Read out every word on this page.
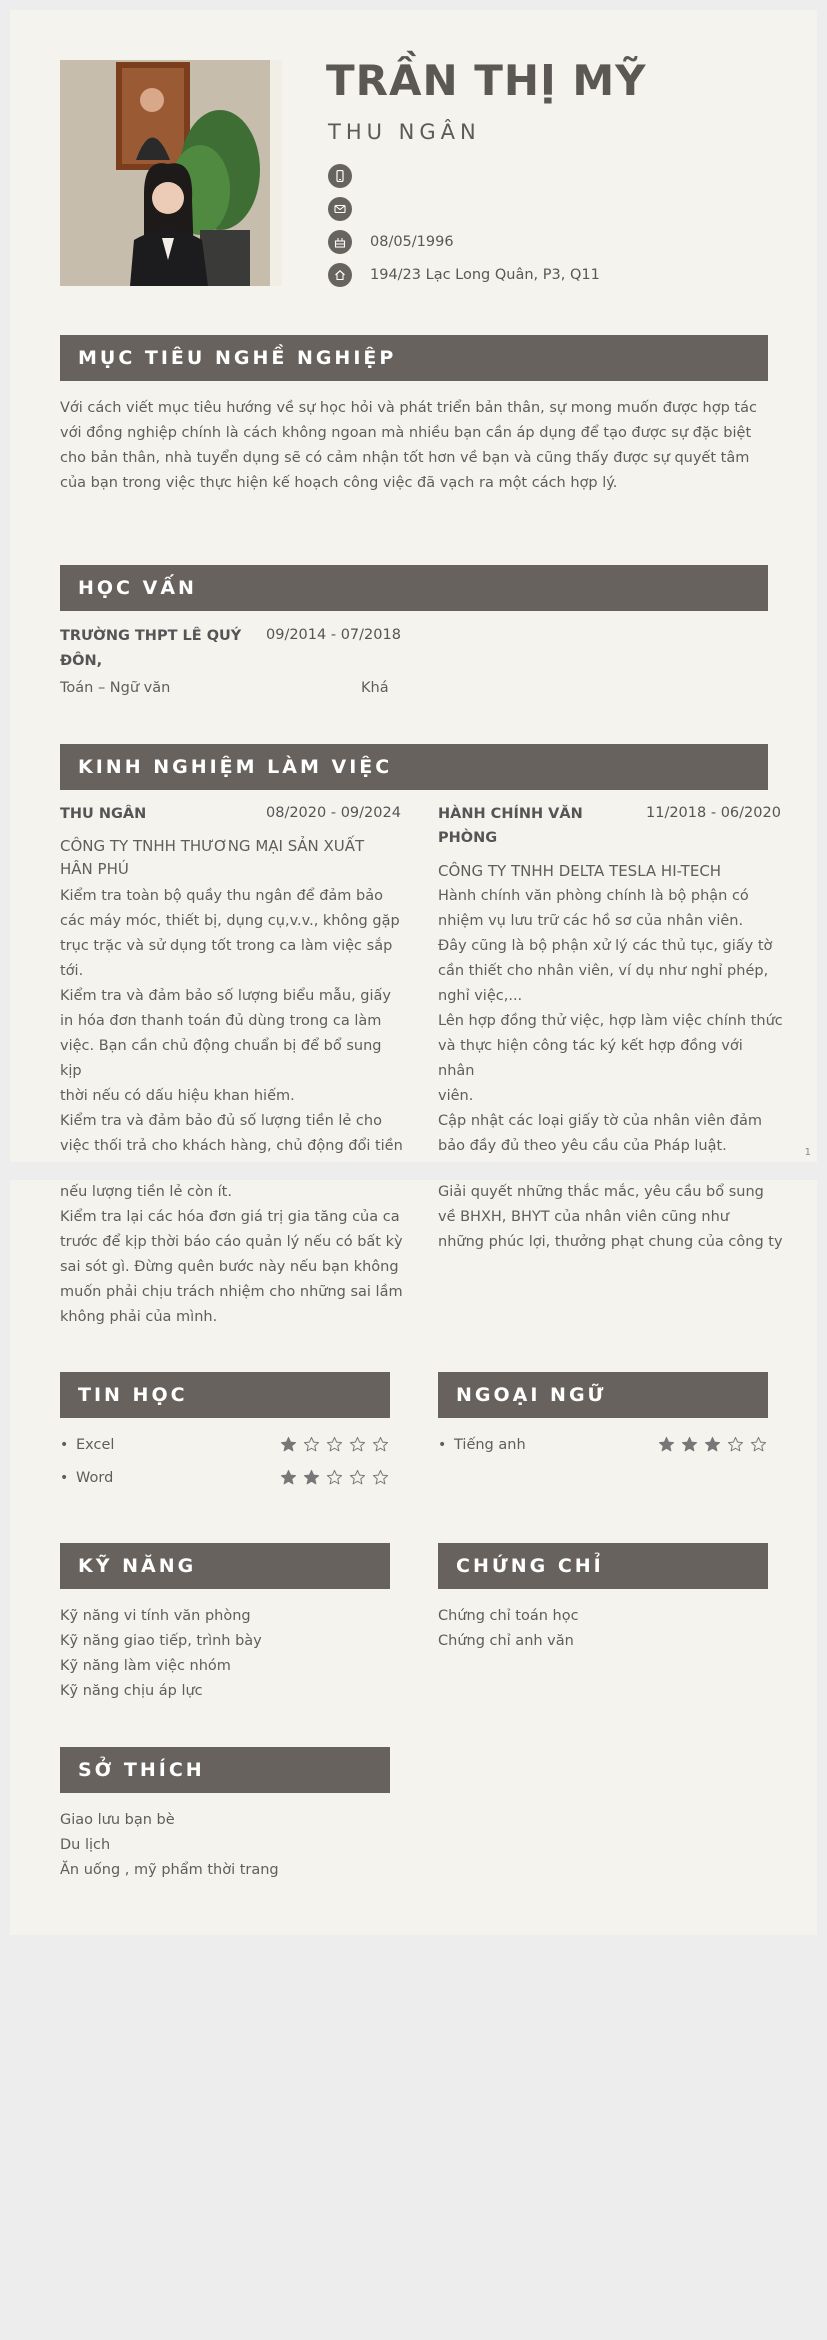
TRẦN THỊ MỸ
THU NGÂN
08/05/1996
194/23 Lạc Long Quân, P3, Q11
MỤC TIÊU NGHỀ NGHIỆP
Với cách viết mục tiêu hướng về sự học hỏi và phát triển bản thân, sự mong muốn được hợp tác với đồng nghiệp chính là cách không ngoan mà nhiều bạn cần áp dụng để tạo được sự đặc biệt cho bản thân, nhà tuyển dụng sẽ có cảm nhận tốt hơn về bạn và cũng thấy được sự quyết tâm của bạn trong việc thực hiện kế hoạch công việc đã vạch ra một cách hợp lý.
HỌC VẤN
TRƯỜNG THPT LÊ QUÝ
ĐÔN,
09/2014 - 07/2018
Toán – Ngữ văn	Khá
KINH NGHIỆM LÀM VIỆC
THU NGÂN	08/2020 - 09/2024
CÔNG TY TNHH THƯƠNG MẠI SẢN XUẤT HÂN PHÚ
Kiểm tra toàn bộ quầy thu ngân để đảm bảo
các máy móc, thiết bị, dụng cụ,v.v., không gặp
trục trặc và sử dụng tốt trong ca làm việc sắp
tới.
Kiểm tra và đảm bảo số lượng biểu mẫu, giấy
in hóa đơn thanh toán đủ dùng trong ca làm
việc. Bạn cần chủ động chuẩn bị để bổ sung kịp
thời nếu có dấu hiệu khan hiếm.
Kiểm tra và đảm bảo đủ số lượng tiền lẻ cho
việc thối trả cho khách hàng, chủ động đổi tiền
HÀNH CHÍNH VĂN
PHÒNG
11/2018 - 06/2020
CÔNG TY TNHH DELTA TESLA HI-TECH
Hành chính văn phòng chính là bộ phận có
nhiệm vụ lưu trữ các hồ sơ của nhân viên.
Đây cũng là bộ phận xử lý các thủ tục, giấy tờ
cần thiết cho nhân viên, ví dụ như nghỉ phép,
nghỉ việc,...
Lên hợp đồng thử việc, hợp làm việc chính thức
và thực hiện công tác ký kết hợp đồng với nhân
viên.
Cập nhật các loại giấy tờ của nhân viên đảm
bảo đầy đủ theo yêu cầu của Pháp luật.	1
nếu lượng tiền lẻ còn ít.
Kiểm tra lại các hóa đơn giá trị gia tăng của ca
trước để kịp thời báo cáo quản lý nếu có bất kỳ
sai sót gì. Đừng quên bước này nếu bạn không
muốn phải chịu trách nhiệm cho những sai lầm
không phải của mình.
Giải quyết những thắc mắc, yêu cầu bổ sung
về BHXH, BHYT của nhân viên cũng như
những phúc lợi, thưởng phạt chung của công ty
TIN HỌC	NGOẠI NGỮ
KỸ NĂNG	CHỨNG CHỈ
Kỹ năng vi tính văn phòng
Kỹ năng giao tiếp, trình bày
Kỹ năng làm việc nhóm
Kỹ năng chịu áp lực
Chứng chỉ toán học
Chứng chỉ anh văn
SỞ THÍCH
Giao lưu bạn bè
Du lịch
Ăn uống , mỹ phẩm thời trang
• Excel
• Word
• Tiếng anh
